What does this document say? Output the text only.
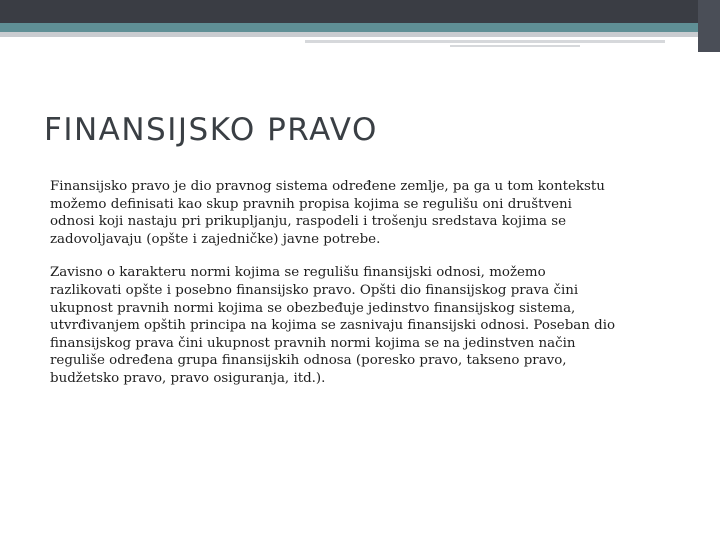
FINANSIJSKO PRAVO

Finansijsko pravo je dio pravnog sistema određene zemlje, pa ga u tom kontekstu možemo definisati kao skup pravnih propisa kojima se regulišu oni društveni odnosi koji nastaju pri prikupljanju, raspodeli i trošenju sredstava kojima se zadovoljavaju (opšte i zajedničke) javne potrebe.

Zavisno o karakteru normi kojima se regulišu finansijski odnosi, možemo razlikovati opšte i posebno finansijsko pravo. Opšti dio finansijskog prava čini ukupnost pravnih normi kojima se obezbeđuje jedinstvo finansijskog sistema, utvrđivanjem opštih principa na kojima se zasnivaju finansijski odnosi. Poseban dio finansijskog prava čini ukupnost pravnih normi kojima se na jedinstven način reguliše određena grupa finansijskih odnosa (poresko pravo, takseno pravo, budžetsko pravo, pravo osiguranja, itd.).
